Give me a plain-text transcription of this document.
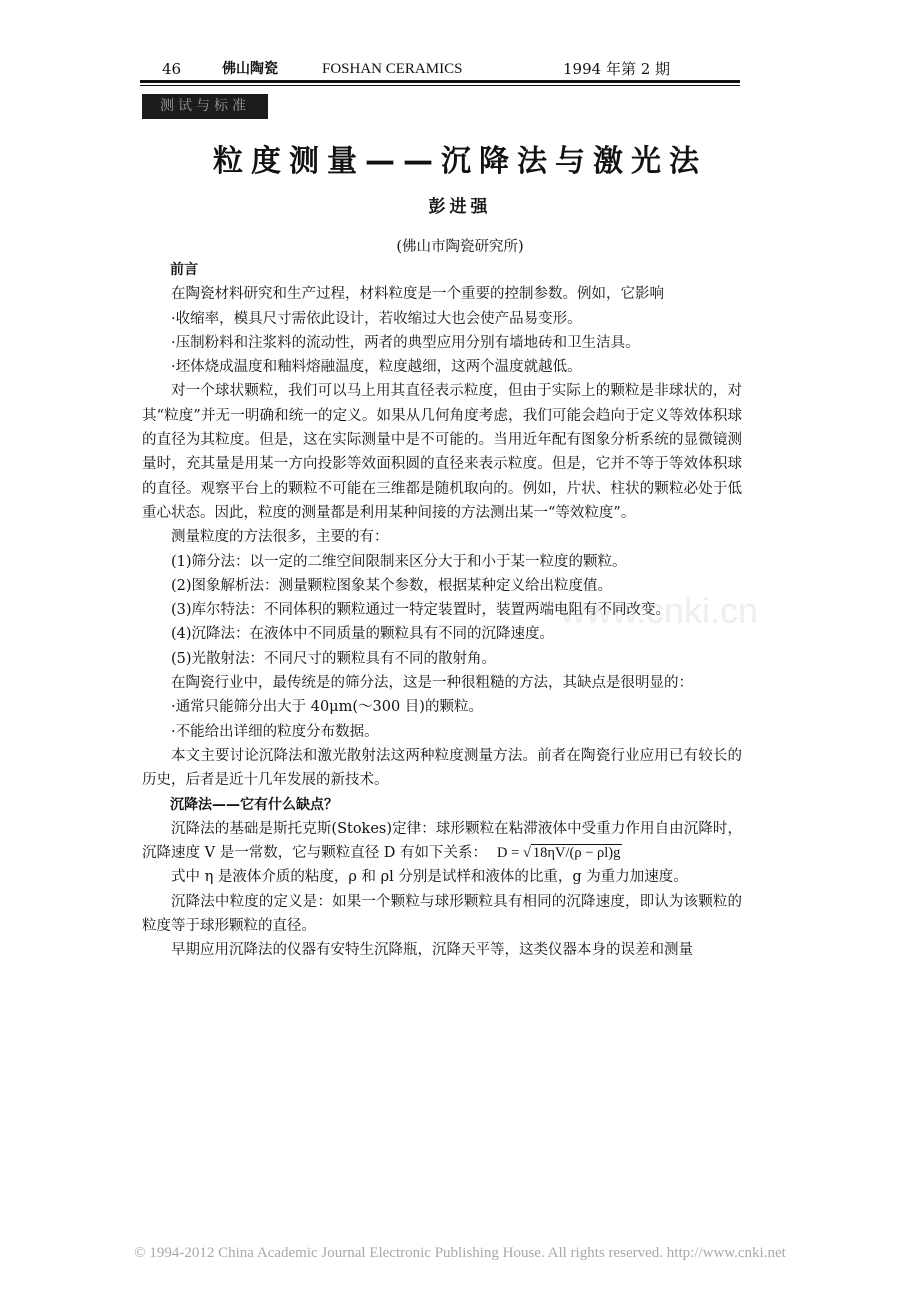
46	佛山陶瓷	FOSHAN CERAMICS	1994 年第 2 期
测试与标准
粒度测量——沉降法与激光法
彭进强
(佛山市陶瓷研究所)
www.cnki.cn

前言

在陶瓷材料研究和生产过程，材料粒度是一个重要的控制参数。例如，它影响

·收缩率，模具尺寸需依此设计，若收缩过大也会使产品易变形。

·压制粉料和注浆料的流动性，两者的典型应用分别有墙地砖和卫生洁具。

·坯体烧成温度和釉料熔融温度，粒度越细，这两个温度就越低。

对一个球状颗粒，我们可以马上用其直径表示粒度，但由于实际上的颗粒是非球状的，对其“粒度”并无一明确和统一的定义。如果从几何角度考虑，我们可能会趋向于定义等效体积球的直径为其粒度。但是，这在实际测量中是不可能的。当用近年配有图象分析系统的显微镜测量时，充其量是用某一方向投影等效面积圆的直径来表示粒度。但是，它并不等于等效体积球的直径。观察平台上的颗粒不可能在三维都是随机取向的。例如，片状、柱状的颗粒必处于低重心状态。因此，粒度的测量都是利用某种间接的方法测出某一“等效粒度”。

测量粒度的方法很多，主要的有：

(1)筛分法：以一定的二维空间限制来区分大于和小于某一粒度的颗粒。

(2)图象解析法：测量颗粒图象某个参数，根据某种定义给出粒度值。

(3)库尔特法：不同体积的颗粒通过一特定装置时，装置两端电阻有不同改变。

(4)沉降法：在液体中不同质量的颗粒具有不同的沉降速度。

(5)光散射法：不同尺寸的颗粒具有不同的散射角。

在陶瓷行业中，最传统是的筛分法，这是一种很粗糙的方法，其缺点是很明显的：

·通常只能筛分出大于 40μm(～300 目)的颗粒。

·不能给出详细的粒度分布数据。

本文主要讨论沉降法和激光散射法这两种粒度测量方法。前者在陶瓷行业应用已有较长的历史，后者是近十几年发展的新技术。

沉降法——它有什么缺点？

沉降法的基础是斯托克斯(Stokes)定律：球形颗粒在粘滞液体中受重力作用自由沉降时，沉降速度 V 是一常数，它与颗粒直径 D 有如下关系： D = √ 18ηV/(ρ − ρl)g

式中 η 是液体介质的粘度，ρ 和 ρl 分别是试样和液体的比重，g 为重力加速度。

沉降法中粒度的定义是：如果一个颗粒与球形颗粒具有相同的沉降速度，即认为该颗粒的粒度等于球形颗粒的直径。

早期应用沉降法的仪器有安特生沉降瓶，沉降天平等，这类仪器本身的误差和测量

© 1994-2012 China Academic Journal Electronic Publishing House. All rights reserved. http://www.cnki.net
